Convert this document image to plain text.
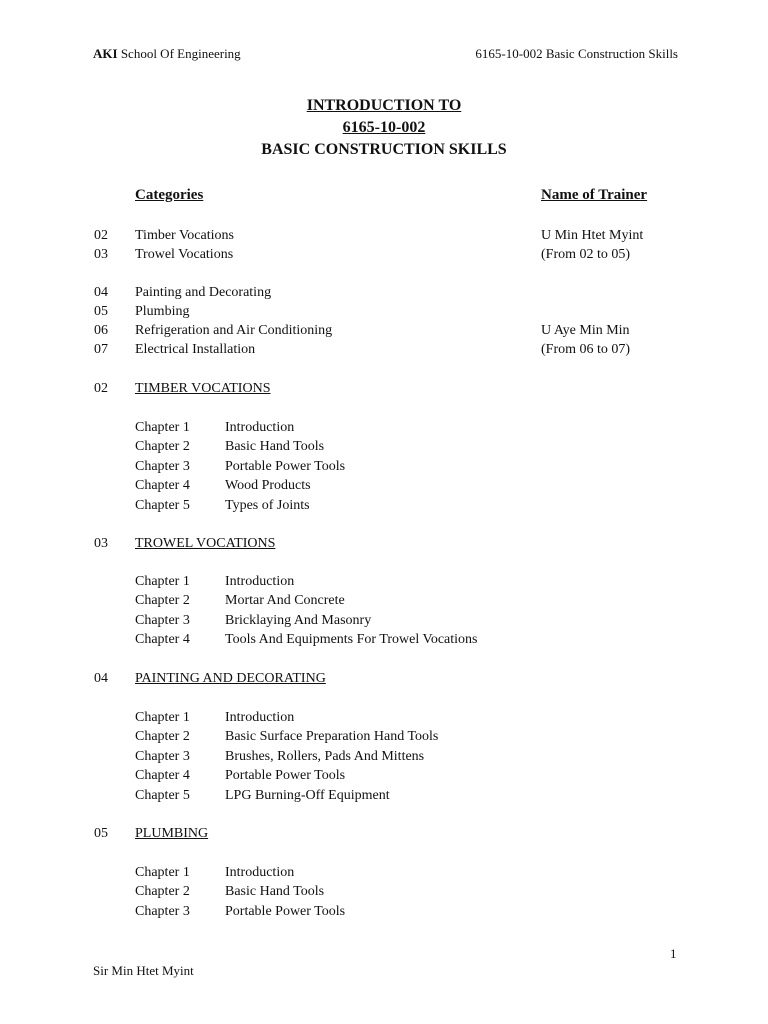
AKI School Of Engineering	6165-10-002 Basic Construction Skills
INTRODUCTION TO
6165-10-002
BASIC CONSTRUCTION SKILLS
Categories	Name of Trainer
02 Timber Vocations	U Min Htet Myint
03 Trowel Vocations	(From 02 to 05)
04 Painting and Decorating
05 Plumbing
06 Refrigeration and Air Conditioning	U Aye Min Min
07 Electrical Installation	(From 06 to 07)
02 TIMBER VOCATIONS
Chapter 1	Introduction
Chapter 2	Basic Hand Tools
Chapter 3	Portable Power Tools
Chapter 4	Wood Products
Chapter 5	Types of Joints
03 TROWEL VOCATIONS
Chapter 1	Introduction
Chapter 2	Mortar And Concrete
Chapter 3	Bricklaying And Masonry
Chapter 4	Tools And Equipments For Trowel Vocations
04 PAINTING AND DECORATING
Chapter 1	Introduction
Chapter 2	Basic Surface Preparation Hand Tools
Chapter 3	Brushes, Rollers, Pads And Mittens
Chapter 4	Portable Power Tools
Chapter 5	LPG Burning-Off Equipment
05 PLUMBING
Chapter 1	Introduction
Chapter 2	Basic Hand Tools
Chapter 3	Portable Power Tools
1
Sir Min Htet Myint
